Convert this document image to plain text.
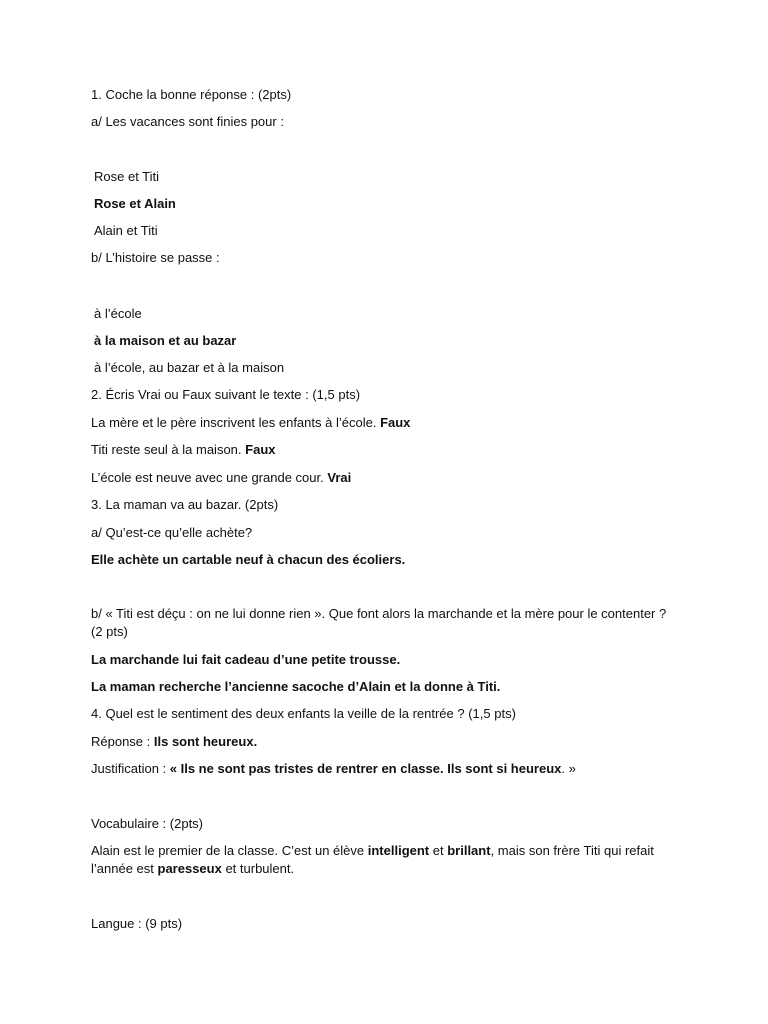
1. Coche la bonne réponse : (2pts)
a/ Les vacances sont finies pour :
Rose et Titi
Rose et Alain
Alain et Titi
b/ L’histoire se passe :
à l’école
à la maison et au bazar
à l’école, au bazar et à la maison
2. Écris Vrai ou Faux suivant le texte : (1,5 pts)
La mère et le père inscrivent les enfants à l’école. Faux
Titi reste seul à la maison. Faux
L’école est neuve avec une grande cour. Vrai
3. La maman va au bazar. (2pts)
a/ Qu’est-ce qu’elle achète?
Elle achète un cartable neuf à chacun des écoliers.
b/ « Titi est déçu : on ne lui donne rien ». Que font alors la marchande et la mère pour le contenter ? (2 pts)
La marchande lui fait cadeau d’une petite trousse.
La maman recherche l’ancienne sacoche d’Alain et la donne à Titi.
4. Quel est le sentiment des deux enfants la veille de la rentrée ? (1,5 pts)
Réponse : Ils sont heureux.
Justification : « Ils ne sont pas tristes de rentrer en classe. Ils sont si heureux. »
Vocabulaire : (2pts)
Alain est le premier de la classe. C’est un élève intelligent et brillant, mais son frère Titi qui refait l’année est paresseux et turbulent.
Langue : (9 pts)
